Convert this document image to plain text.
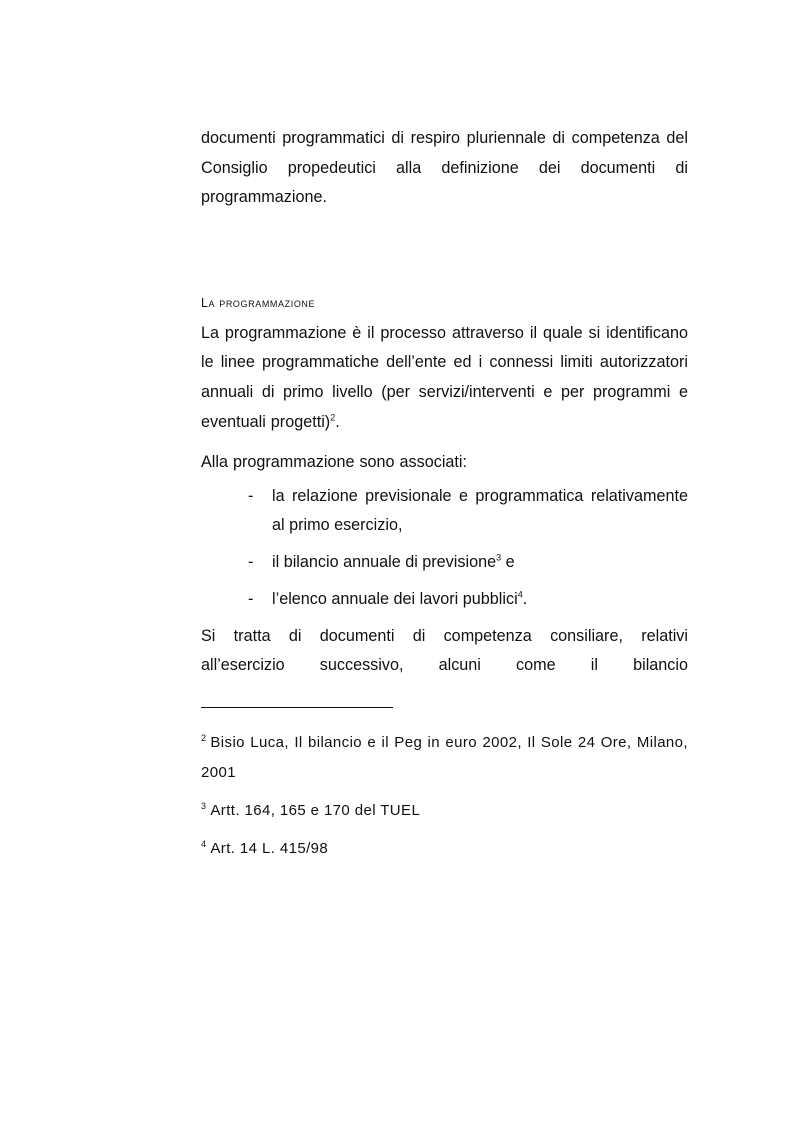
documenti programmatici di respiro pluriennale di competenza del Consiglio propedeutici alla definizione dei documenti di programmazione.

La programmazione

La programmazione è il processo attraverso il quale si identificano le linee programmatiche dell’ente ed i connessi limiti autorizzatori annuali di primo livello (per servizi/interventi e per programmi e eventuali progetti)$^2$.

Alla programmazione sono associati:

- la relazione previsionale e programmatica relativamente al primo esercizio,
- il bilancio annuale di previsione$^3$ e
- l’elenco annuale dei lavori pubblici$^4$.

Si tratta di documenti di competenza consiliare, relativi
all’esercizio successivo, alcuni come il bilancio

$^2$ Bisio Luca, Il bilancio e il Peg in euro 2002, Il Sole 24 Ore, Milano, 2001

$^3$ Artt. 164, 165 e 170 del TUEL

$^4$ Art. 14 L. 415/98
